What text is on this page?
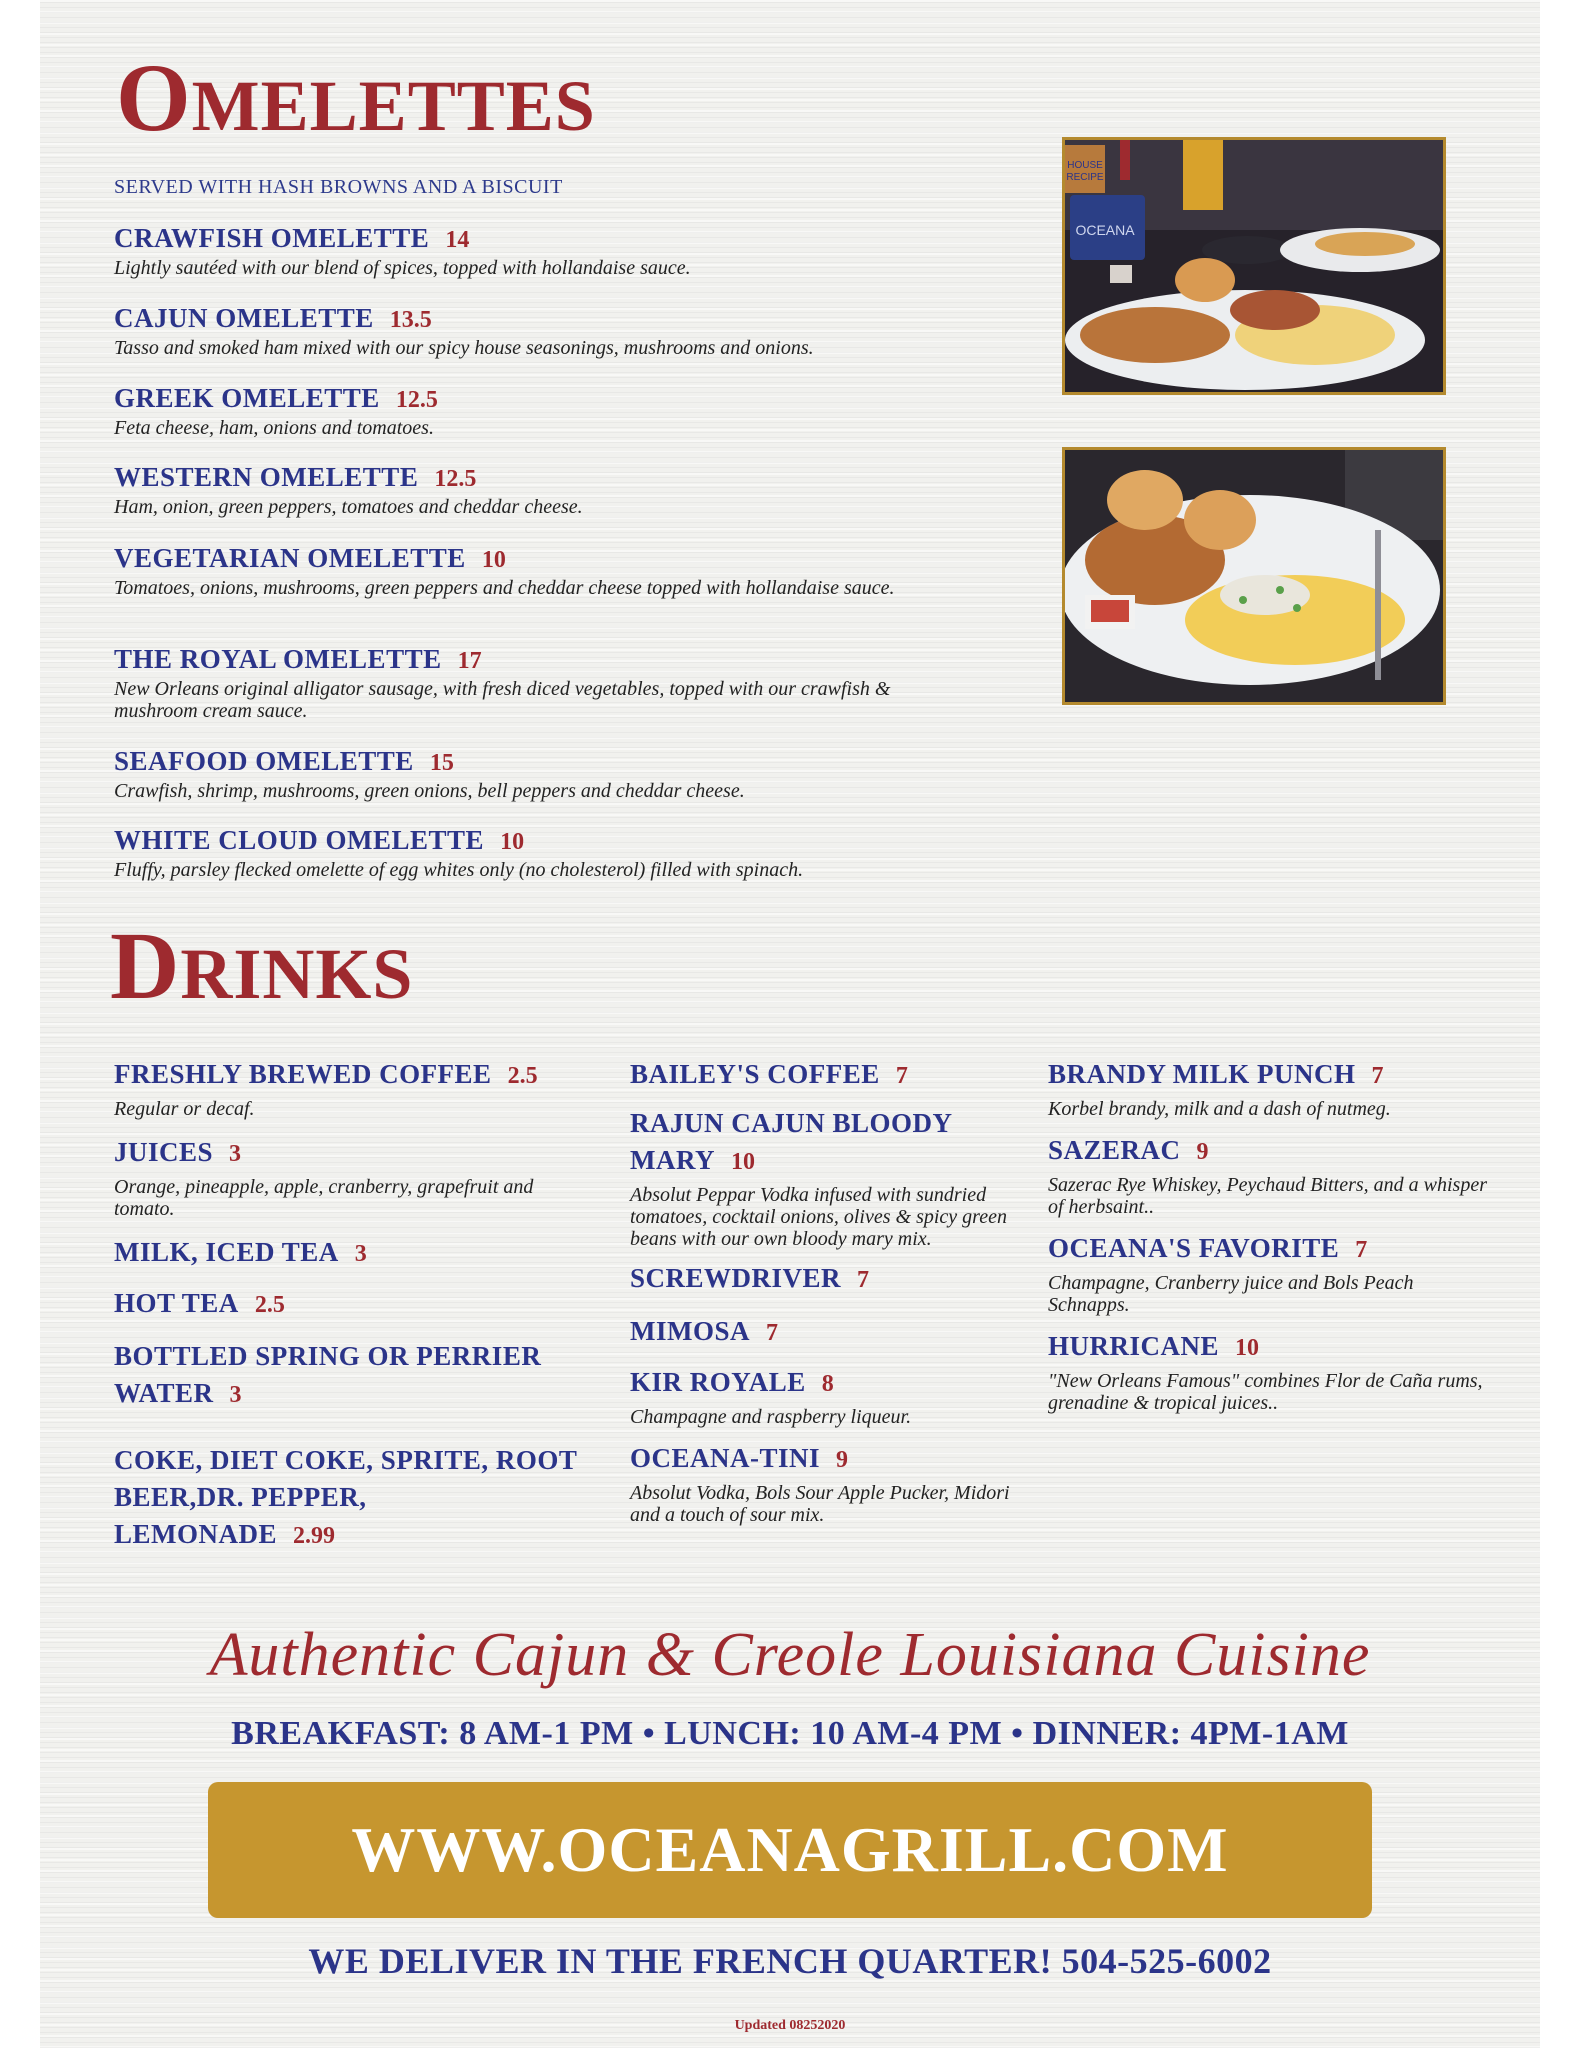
OMELETTES
SERVED WITH HASH BROWNS AND A BISCUIT
CRAWFISH OMELETTE 14
Lightly sautéed with our blend of spices, topped with hollandaise sauce.
CAJUN OMELETTE 13.5
Tasso and smoked ham mixed with our spicy house seasonings, mushrooms and onions.
GREEK OMELETTE 12.5
Feta cheese, ham, onions and tomatoes.
WESTERN OMELETTE 12.5
Ham, onion, green peppers, tomatoes and cheddar cheese.
VEGETARIAN OMELETTE 10
Tomatoes, onions, mushrooms, green peppers and cheddar cheese topped with hollandaise sauce.
THE ROYAL OMELETTE 17
New Orleans original alligator sausage, with fresh diced vegetables, topped with our crawfish & mushroom cream sauce.
SEAFOOD OMELETTE 15
Crawfish, shrimp, mushrooms, green onions, bell peppers and cheddar cheese.
WHITE CLOUD OMELETTE 10
Fluffy, parsley flecked omelette of egg whites only (no cholesterol) filled with spinach.
HOUSE
RECIPE
OCEANA
DRINKS
FRESHLY BREWED COFFEE 2.5
Regular or decaf.
JUICES 3
Orange, pineapple, apple, cranberry, grapefruit and tomato.
MILK, ICED TEA 3
HOT TEA 2.5
BOTTLED SPRING OR PERRIER WATER 3
COKE, DIET COKE, SPRITE, ROOT BEER,DR. PEPPER, LEMONADE 2.99
BAILEY'S COFFEE 7
RAJUN CAJUN BLOODY MARY 10
Absolut Peppar Vodka infused with sundried tomatoes, cocktail onions, olives & spicy green beans with our own bloody mary mix.
SCREWDRIVER 7
MIMOSA 7
KIR ROYALE 8
Champagne and raspberry liqueur.
OCEANA-TINI 9
Absolut Vodka, Bols Sour Apple Pucker, Midori and a touch of sour mix.
BRANDY MILK PUNCH 7
Korbel brandy, milk and a dash of nutmeg.
SAZERAC 9
Sazerac Rye Whiskey, Peychaud Bitters, and a whisper of herbsaint..
OCEANA'S FAVORITE 7
Champagne, Cranberry juice and Bols Peach Schnapps.
HURRICANE 10
"New Orleans Famous" combines Flor de Caña rums, grenadine & tropical juices..
Authentic Cajun & Creole Louisiana Cuisine
BREAKFAST: 8 AM-1 PM • LUNCH: 10 AM-4 PM • DINNER: 4PM-1AM
WWW.OCEANAGRILL.COM
WE DELIVER IN THE FRENCH QUARTER! 504-525-6002
Updated 08252020
